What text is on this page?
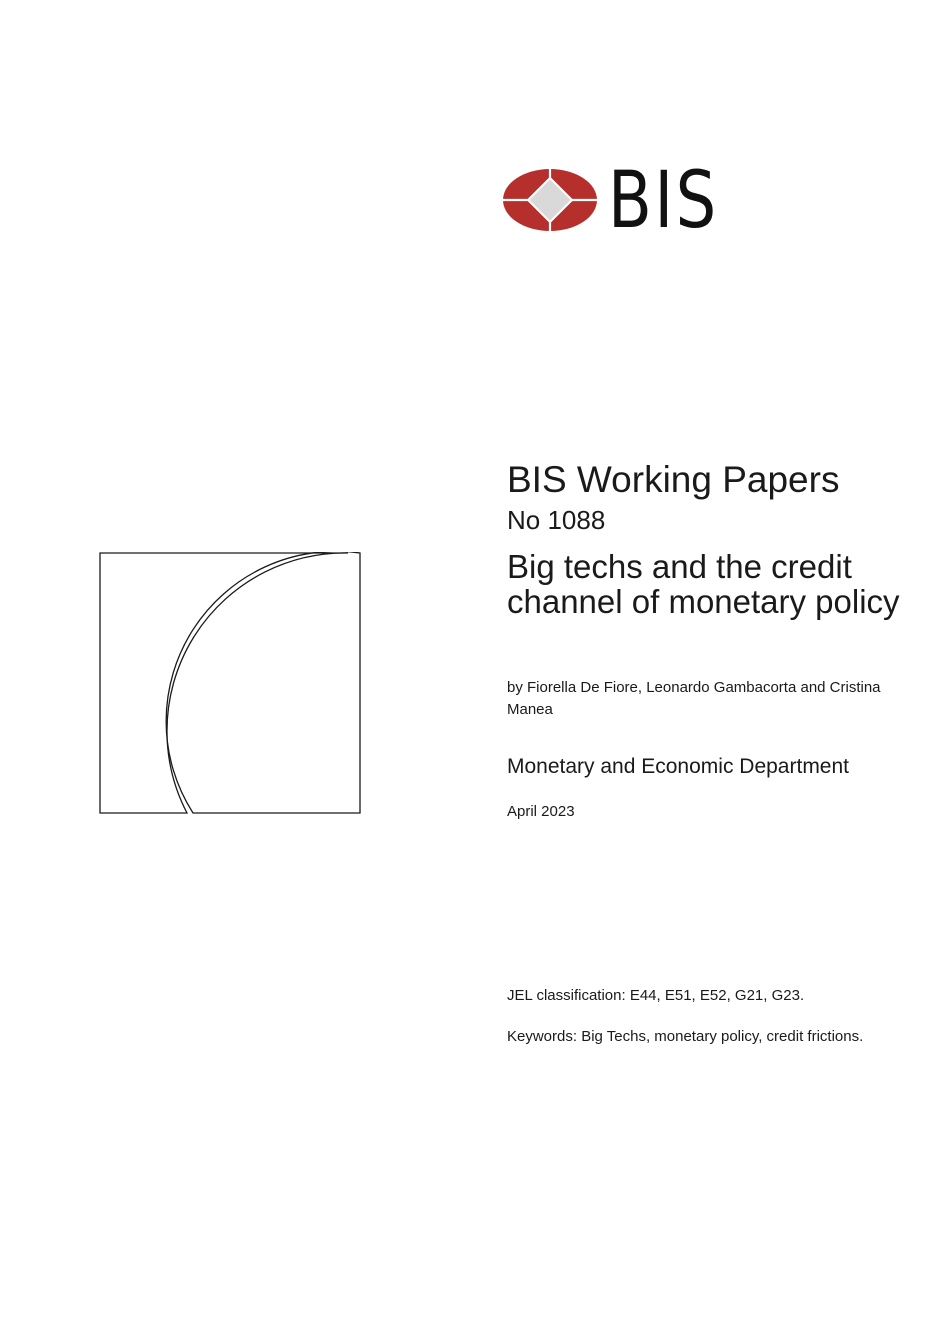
BIS
BIS Working Papers
No 1088
Big techs and the credit channel of monetary policy
by Fiorella De Fiore, Leonardo Gambacorta and Cristina Manea
Monetary and Economic Department
April 2023
JEL classification: E44, E51, E52, G21, G23.
Keywords: Big Techs, monetary policy, credit frictions.
